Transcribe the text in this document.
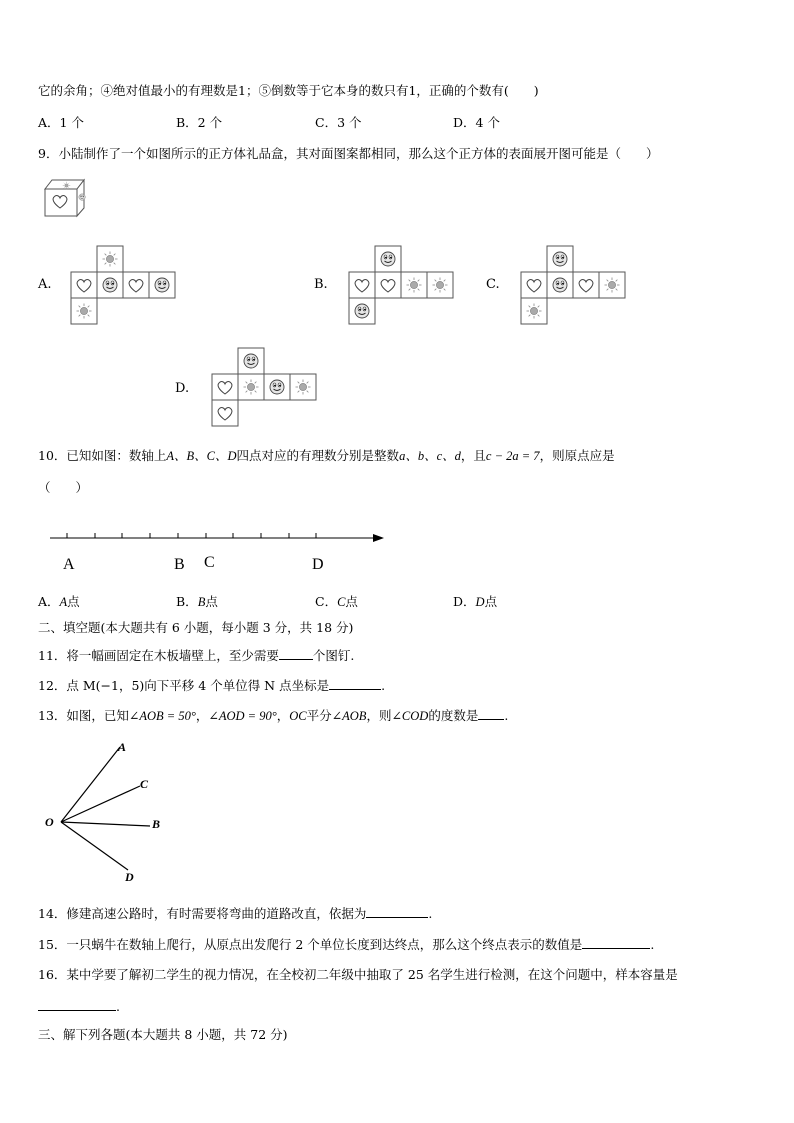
它的余角；④绝对值最小的有理数是1；⑤倒数等于它本身的数只有1，正确的个数有(　　)
A．1 个	B．2 个	C．3 个	D．4 个
9．小陆制作了一个如图所示的正方体礼品盒，其对面图案都相同，那么这个正方体的表面展开图可能是（　　）
A.	B.	C.
D.
10．已知如图：数轴上A、B、C、D四点对应的有理数分别是整数a、b、c、d，且c − 2a = 7，则原点应是
（　　）
A	B C	D
A．A点	B．B点	C．C点	D．D点
二、填空题(本大题共有 6 小题，每小题 3 分，共 18 分)
11．将一幅画固定在木板墙壁上，至少需要	个图钉.
12．点 M(−1，5)向下平移 4 个单位得 N 点坐标是	.
13．如图，已知∠AOB = 50°，∠AOD = 90°，OC平分∠AOB，则∠COD的度数是 .
A
C
B
D
O
14．修建高速公路时，有时需要将弯曲的道路改直，依据为	.
15．一只蜗牛在数轴上爬行，从原点出发爬行 2 个单位长度到达终点，那么这个终点表示的数值是	.
16．某中学要了解初二学生的视力情况，在全校初二年级中抽取了 25 名学生进行检测，在这个问题中，样本容量是
.
三、解下列各题(本大题共 8 小题，共 72 分)
